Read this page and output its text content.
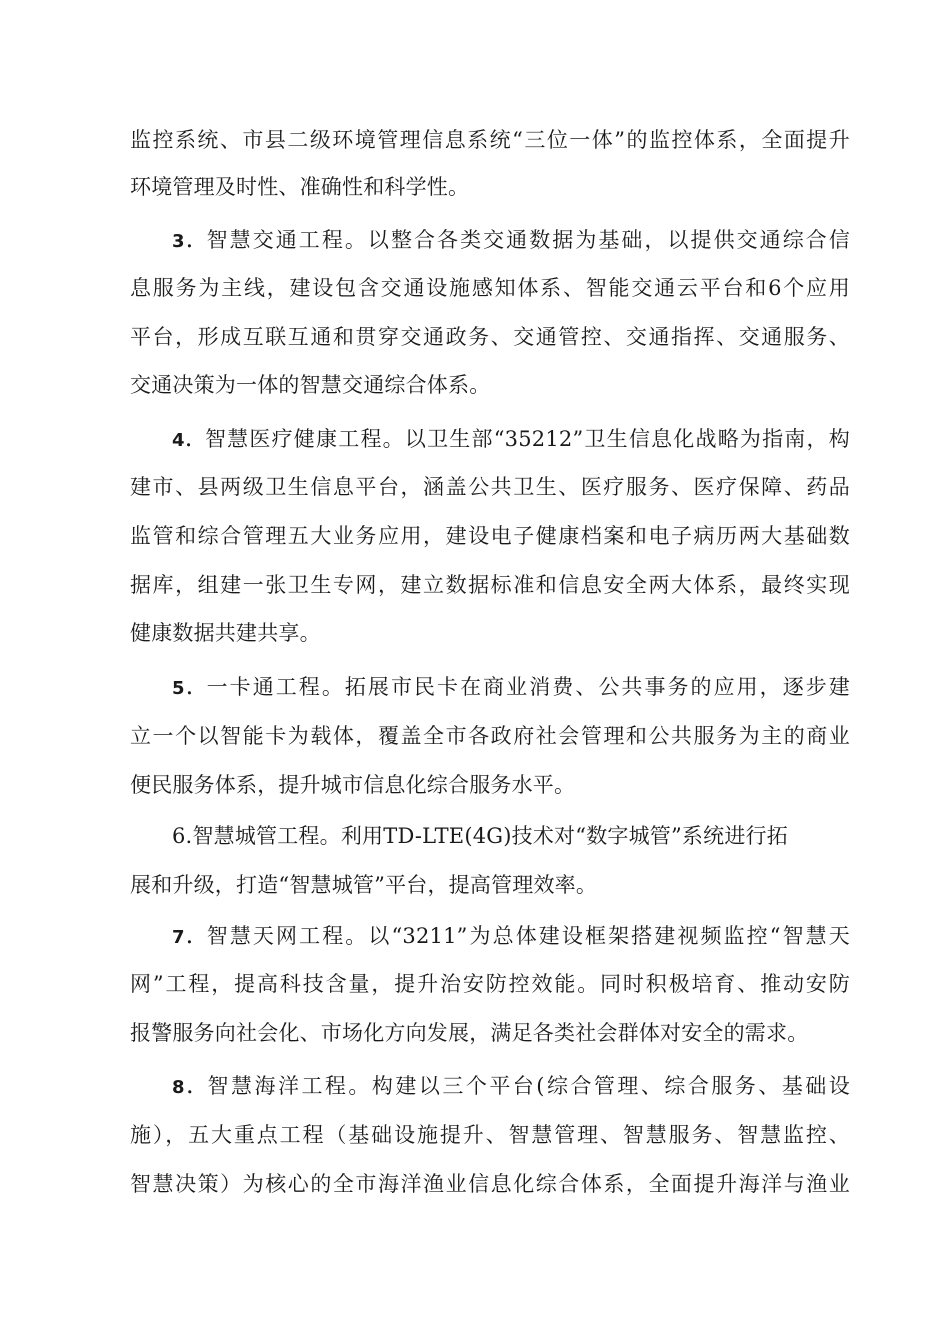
监控系统、市县二级环境管理信息系统“三位一体”的监控体系，全面提升
环境管理及时性、准确性和科学性。
3．智慧交通工程。以整合各类交通数据为基础，以提供交通综合信
息服务为主线，建设包含交通设施感知体系、智能交通云平台和6个应用
平台，形成互联互通和贯穿交通政务、交通管控、交通指挥、交通服务、
交通决策为一体的智慧交通综合体系。
4．智慧医疗健康工程。以卫生部“35212”卫生信息化战略为指南，构
建市、县两级卫生信息平台，涵盖公共卫生、医疗服务、医疗保障、药品
监管和综合管理五大业务应用，建设电子健康档案和电子病历两大基础数
据库，组建一张卫生专网，建立数据标准和信息安全两大体系，最终实现
健康数据共建共享。
5．一卡通工程。拓展市民卡在商业消费、公共事务的应用，逐步建
立一个以智能卡为载体，覆盖全市各政府社会管理和公共服务为主的商业
便民服务体系，提升城市信息化综合服务水平。
6.智慧城管工程。利用TD-LTE(4G)技术对“数字城管”系统进行拓
展和升级，打造“智慧城管”平台，提高管理效率。
7．智慧天网工程。以“3211”为总体建设框架搭建视频监控“智慧天
网”工程，提高科技含量，提升治安防控效能。同时积极培育、推动安防
报警服务向社会化、市场化方向发展，满足各类社会群体对安全的需求。
8．智慧海洋工程。构建以三个平台(综合管理、综合服务、基础设
施），五大重点工程（基础设施提升、智慧管理、智慧服务、智慧监控、
智慧决策）为核心的全市海洋渔业信息化综合体系，全面提升海洋与渔业
